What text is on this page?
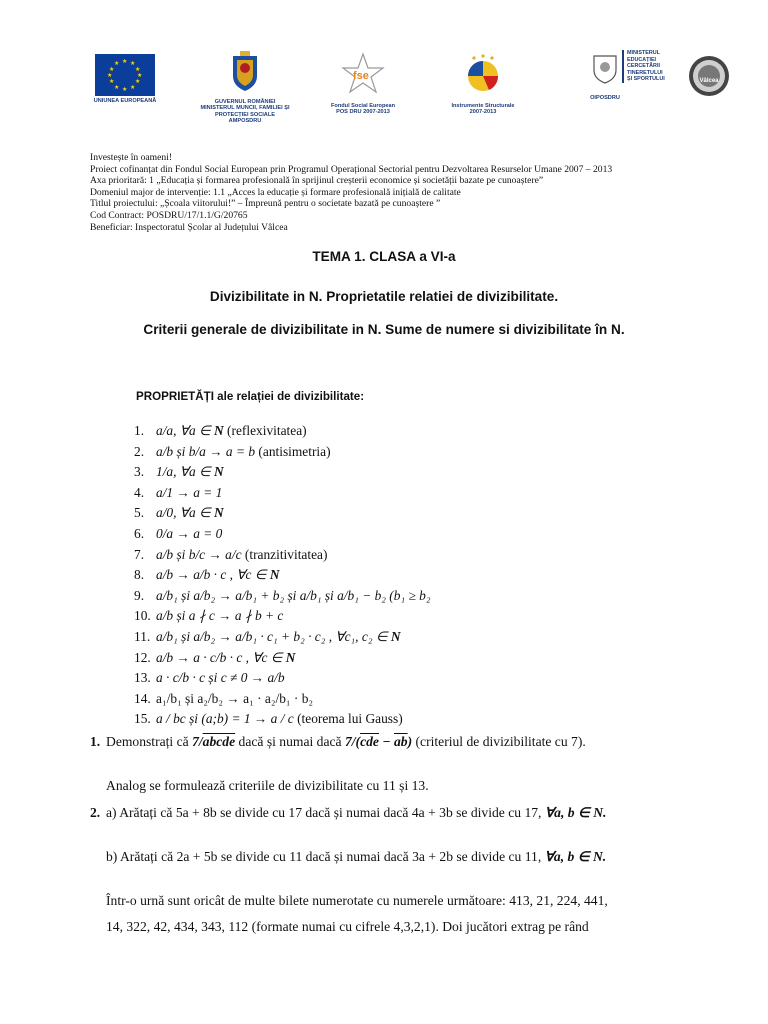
★ ★
★
★
★
★
★
★
★
★
★
★
UNIUNEA EUROPEANĂ	GUVERNUL ROMÂNIEI
MINISTERUL MUNCII, FAMILIEI ȘI
PROTECȚIEI SOCIALE
AMPOSDRU
fse
Fondul Social European
POS DRU 2007-2013
Instrumente Structurale
2007-2013
OIPOSDRU
MINISTERUL
EDUCAȚIEI
CERCETĂRII
TINERETULUI
ȘI SPORTULUI	Vâlcea
Investește în oameni!
Proiect cofinanțat din Fondul Social European prin Programul Operațional Sectorial pentru Dezvoltarea Resurselor Umane 2007 – 2013
Axa prioritară: 1 „Educația și formarea profesională în sprijinul creșterii economice și societății bazate pe cunoaștere”
Domeniul major de intervenție: 1.1 „Acces la educație și formare profesională inițială de calitate
Titlul proiectului: „Școala viitorului!” – Împreună pentru o societate bazată pe cunoaștere ”
Cod Contract: POSDRU/17/1.1/G/20765
Beneficiar: Inspectoratul Școlar al Județului Vâlcea
TEMA 1. CLASA a VI-a
Divizibilitate in N. Proprietatile relatiei de divizibilitate.
Criterii generale de divizibilitate in N. Sume de numere si divizibilitate în N.
PROPRIETĂȚI ale relației de divizibilitate:
1. a/a, ∀a ∈ N (reflexivitatea)
2. a/b și b/a → a = b (antisimetria)
3. 1/a, ∀a ∈ N
4. a/1 → a = 1
5. a/0, ∀a ∈ N
6. 0/a → a = 0
7. a/b și b/c → a/c (tranzitivitatea)
8. a/b → a/b · c , ∀c ∈ N
9. a/b₁ și a/b₂ → a/b₁ + b₂ și a/b₁ și a/b₁ − b₂ (b₁ ≥ b₂
10. a/b și a ∤ c → a ∤ b + c
11. a/b₁ și a/b₂ → a/b₁ · c₁ + b₂ · c₂ , ∀c₁, c₂ ∈ N
12. a/b → a · c/b · c , ∀c ∈ N
13. a · c/b · c și c ≠ 0 → a/b
14. a₁/b₁ și a₂/b₂ → a₁ · a₂/b₁ · b₂
15. a / bc și (a;b) = 1 → a / c (teorema lui Gauss)
1. Demonstrați că 7/abcde dacă și numai dacă $7/(\overline{cde} - \overline{ab})$ (criteriul de divizibilitate cu 7).
Analog se formulează criteriile de divizibilitate cu 11 și 13.
2. a) Arătați că 5a + 8b se divide cu 17 dacă și numai dacă 4a + 3b se divide cu 17, ∀a, b ∈ N.
b) Arătați că 2a + 5b se divide cu 11 dacă și numai dacă 3a + 2b se divide cu 11, ∀a, b ∈ N.
Într-o urnă sunt oricât de multe bilete numerotate cu numerele următoare: 413, 21, 224, 441,
14, 322, 42, 434, 343, 112 (formate numai cu cifrele 4,3,2,1). Doi jucători extrag pe rând
